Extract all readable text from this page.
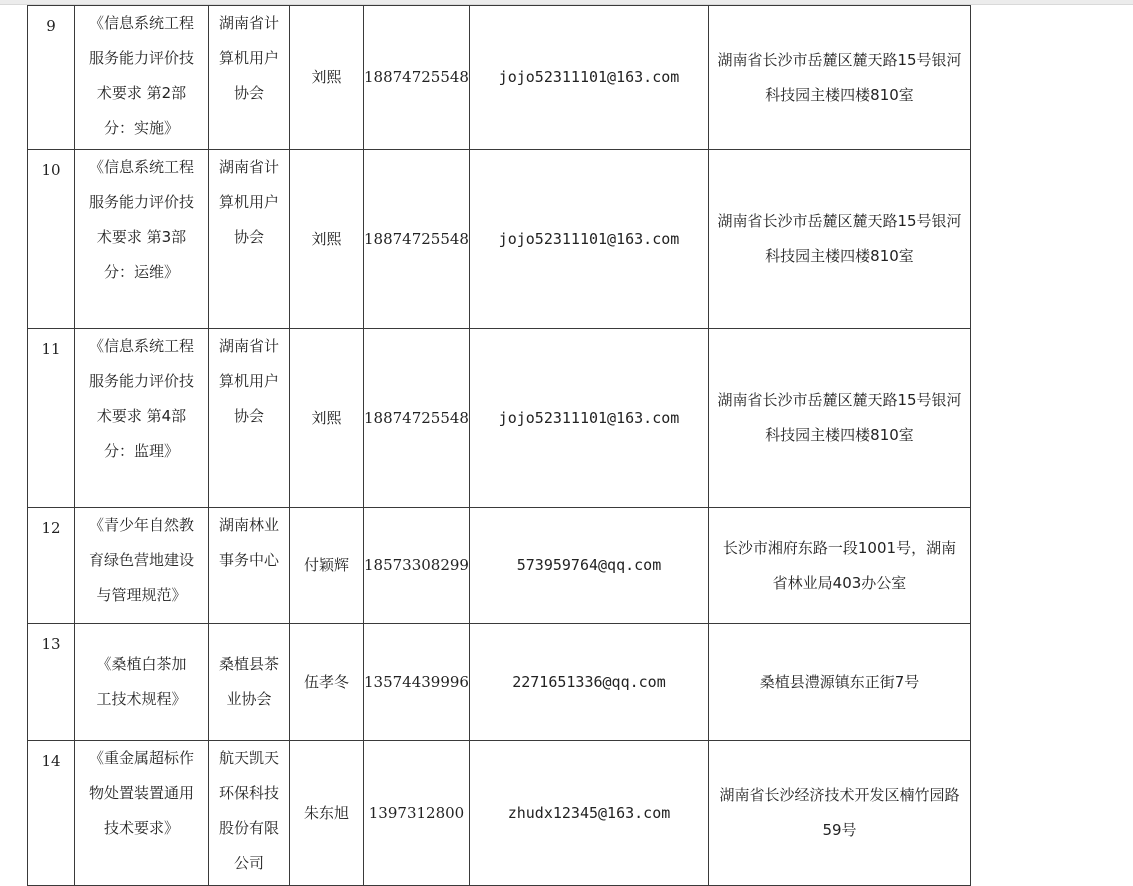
9	《信息系统工程服务能力评价技术要求 第2部分：实施》	湖南省计算机用户协会	刘熙	18874725548	jojo52311101@163.com	湖南省长沙市岳麓区麓天路15号银河科技园主楼四楼810室
10	《信息系统工程服务能力评价技术要求 第3部分：运维》	湖南省计算机用户协会	刘熙	18874725548	jojo52311101@163.com	湖南省长沙市岳麓区麓天路15号银河科技园主楼四楼810室
11	《信息系统工程服务能力评价技术要求 第4部分：监理》	湖南省计算机用户协会	刘熙	18874725548	jojo52311101@163.com	湖南省长沙市岳麓区麓天路15号银河科技园主楼四楼810室
12	《青少年自然教育绿色营地建设与管理规范》	湖南林业事务中心	付颖辉	18573308299	573959764@qq.com	长沙市湘府东路一段1001号，湖南省林业局403办公室
13	《桑植白茶加工技术规程》	桑植县茶业协会	伍孝冬	13574439996	2271651336@qq.com	桑植县澧源镇东正街7号
14	《重金属超标作物处置装置通用技术要求》	航天凯天环保科技股份有限公司	朱东旭	1397312800	zhudx12345@163.com	湖南省长沙经济技术开发区楠竹园路59号
